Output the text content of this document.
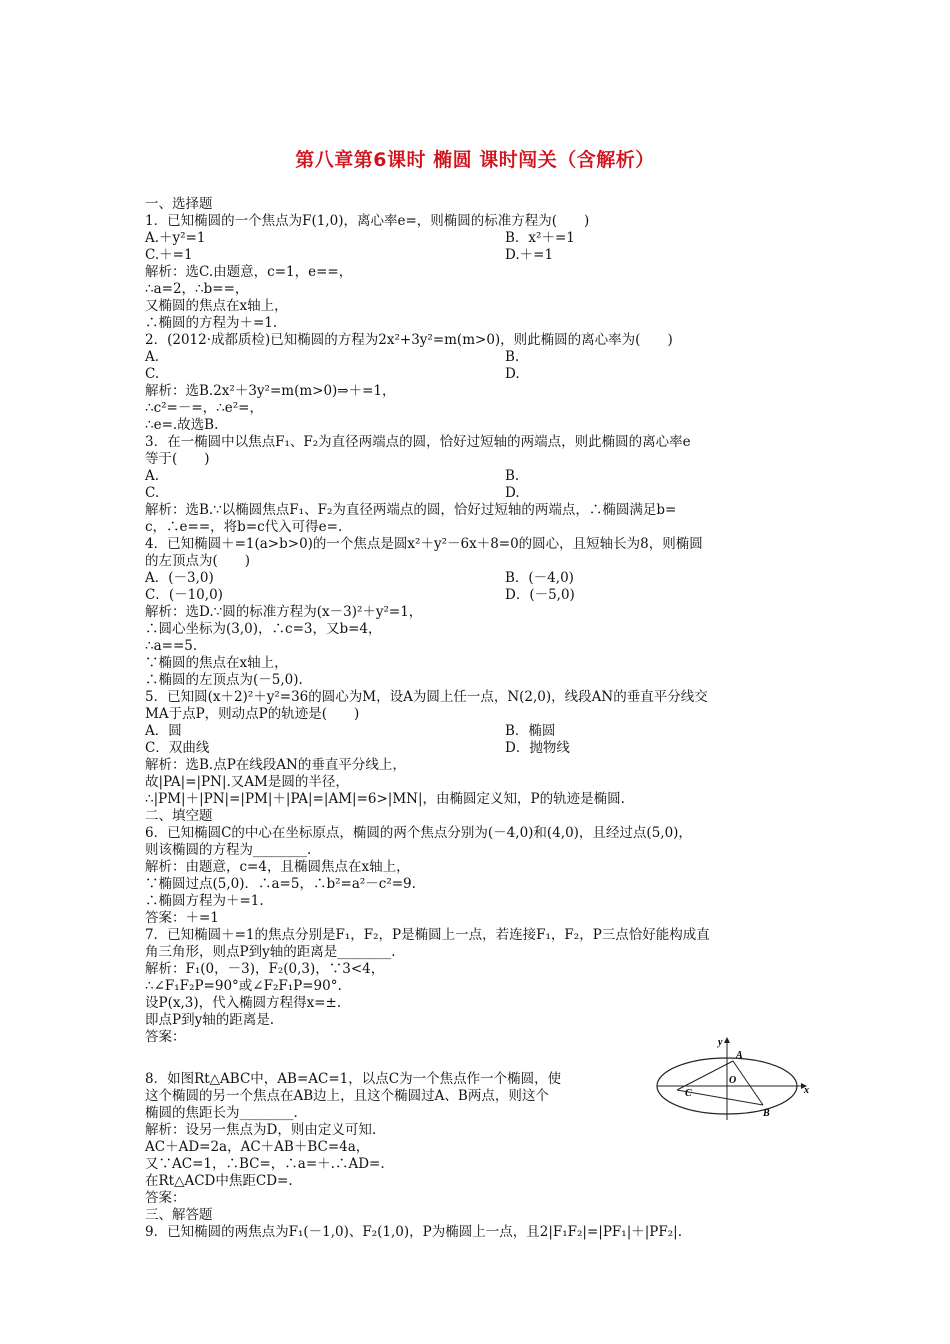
第八章第6课时 椭圆 课时闯关（含解析）
一、选择题
1．已知椭圆的一个焦点为F(1,0)，离心率e=，则椭圆的标准方程为(　　)
A.＋y²=1	B．x²＋=1
C.＋=1	D.＋=1
解析：选C.由题意，c=1，e==，
∴a=2，∴b==，
又椭圆的焦点在x轴上，
∴椭圆的方程为＋=1.
2．(2012·成都质检)已知椭圆的方程为2x²+3y²=m(m>0)，则此椭圆的离心率为(　　)
A.	B.
C.	D.
解析：选B.2x²＋3y²=m(m>0)⇒＋=1，
∴c²=－=，∴e²=，
∴e=.故选B.
3．在一椭圆中以焦点F₁、F₂为直径两端点的圆，恰好过短轴的两端点，则此椭圆的离心率e
等于(　　)
A.	B.
C.	D.
解析：选B.∵以椭圆焦点F₁、F₂为直径两端点的圆，恰好过短轴的两端点，∴椭圆满足b=
c，∴e==，将b=c代入可得e=.
4．已知椭圆＋=1(a>b>0)的一个焦点是圆x²＋y²－6x＋8=0的圆心，且短轴长为8，则椭圆
的左顶点为(　　)
A．(－3,0)	B．(－4,0)
C．(－10,0)	D．(－5,0)
解析：选D.∵圆的标准方程为(x－3)²＋y²=1，
∴圆心坐标为(3,0)，∴c=3，又b=4，
∴a==5.
∵椭圆的焦点在x轴上，
∴椭圆的左顶点为(－5,0).
5．已知圆(x＋2)²＋y²=36的圆心为M，设A为圆上任一点，N(2,0)，线段AN的垂直平分线交
MA于点P，则动点P的轨迹是(　　)
A．圆	B．椭圆
C．双曲线	D．抛物线
解析：选B.点P在线段AN的垂直平分线上，
故|PA|=|PN|.又AM是圆的半径，
∴|PM|＋|PN|=|PM|＋|PA|=|AM|=6>|MN|，由椭圆定义知，P的轨迹是椭圆.
二、填空题
6．已知椭圆C的中心在坐标原点，椭圆的两个焦点分别为(－4,0)和(4,0)，且经过点(5,0)，
则该椭圆的方程为________.
解析：由题意，c=4，且椭圆焦点在x轴上，
∵椭圆过点(5,0)．∴a=5，∴b²=a²－c²=9.
∴椭圆方程为＋=1.
答案：＋=1
7．已知椭圆＋=1的焦点分别是F₁，F₂，P是椭圆上一点，若连接F₁，F₂，P三点恰好能构成直
角三角形，则点P到y轴的距离是________.
解析：F₁(0，－3)，F₂(0,3)，∵3<4，
∴∠F₁F₂P=90°或∠F₂F₁P=90°.
设P(x,3)，代入椭圆方程得x=±.
即点P到y轴的距离是.
答案：
8．如图Rt△ABC中，AB=AC=1，以点C为一个焦点作一个椭圆，使
这个椭圆的另一个焦点在AB边上，且这个椭圆过A、B两点，则这个
椭圆的焦距长为________.
解析：设另一焦点为D，则由定义可知.
AC＋AD=2a，AC＋AB＋BC=4a，
又∵AC=1，∴BC=，∴a=＋.∴AD=.
在Rt△ACD中焦距CD=.
答案：
三、解答题
9．已知椭圆的两焦点为F₁(－1,0)、F₂(1,0)，P为椭圆上一点，且2|F₁F₂|=|PF₁|＋|PF₂|.
y
x
A
O
C
B
